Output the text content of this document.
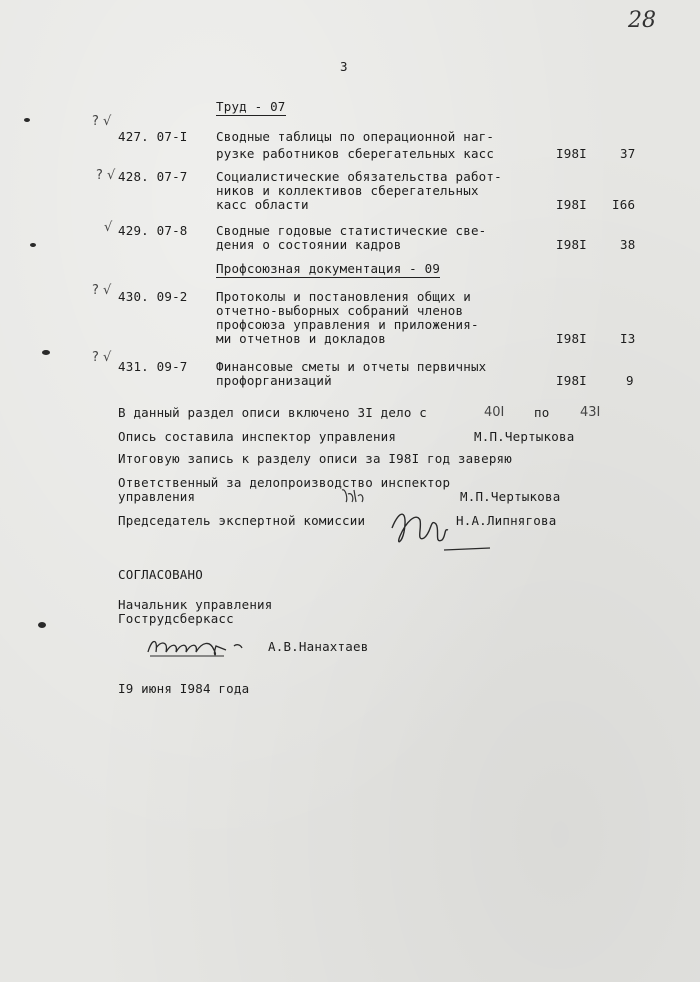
28
3
Труд - 07
? √
427. 07-I Сводные таблицы по операционной наг-
рузке работников сберегательных касс	I98I	37
? √ 428. 07-7 Социалистические обязательства работ-
ников и коллективов сберегательных
касс области	I98I I66
√ 429. 07-8 Сводные годовые статистические све-
дения о состоянии кадров	I98I	38
Профсоюзная документация - 09
? √ 430. 09-2 Протоколы и постановления общих и
отчетно-выборных собраний членов
профсоюза управления и приложения-
ми отчетнов и докладов	I98I	I3
? √
431. 09-7 Финансовые сметы и отчеты первичных
профорганизаций	I98I	9
В данный раздел описи включено 3I дело с	40I по 43I
Опись составила инспектор управления	М.П.Чертыкова
Итоговую запись к разделу описи за I98I год заверяю
Ответственный за делопроизводство инспектор
управления	М.П.Чертыкова
Председатель экспертной комиссии	Н.А.Липнягова
СОГЛАСОВАНО
Начальник управления
Гострудсберкасс
А.В.Нанахтаев
I9 июня I984 года
